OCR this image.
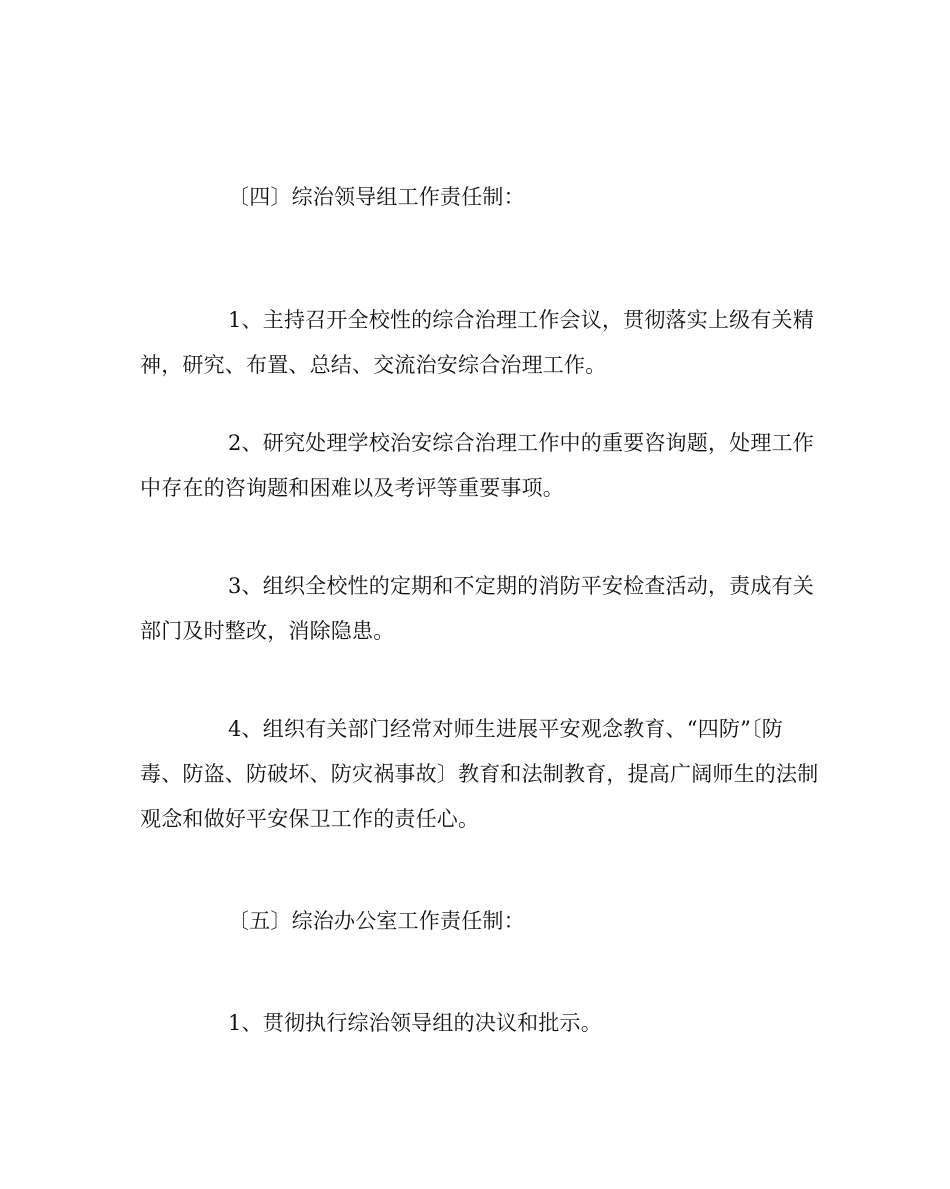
〔四〕综治领导组工作责任制：

1、主持召开全校性的综合治理工作会议，贯彻落实上级有关精神，研究、布置、总结、交流治安综合治理工作。

2、研究处理学校治安综合治理工作中的重要咨询题，处理工作中存在的咨询题和困难以及考评等重要事项。

3、组织全校性的定期和不定期的消防平安检查活动，责成有关部门及时整改，消除隐患。

4、组织有关部门经常对师生进展平安观念教育、“四防”〔防毒、防盗、防破坏、防灾祸事故〕教育和法制教育，提高广阔师生的法制观念和做好平安保卫工作的责任心。

〔五〕综治办公室工作责任制：

1、贯彻执行综治领导组的决议和批示。
